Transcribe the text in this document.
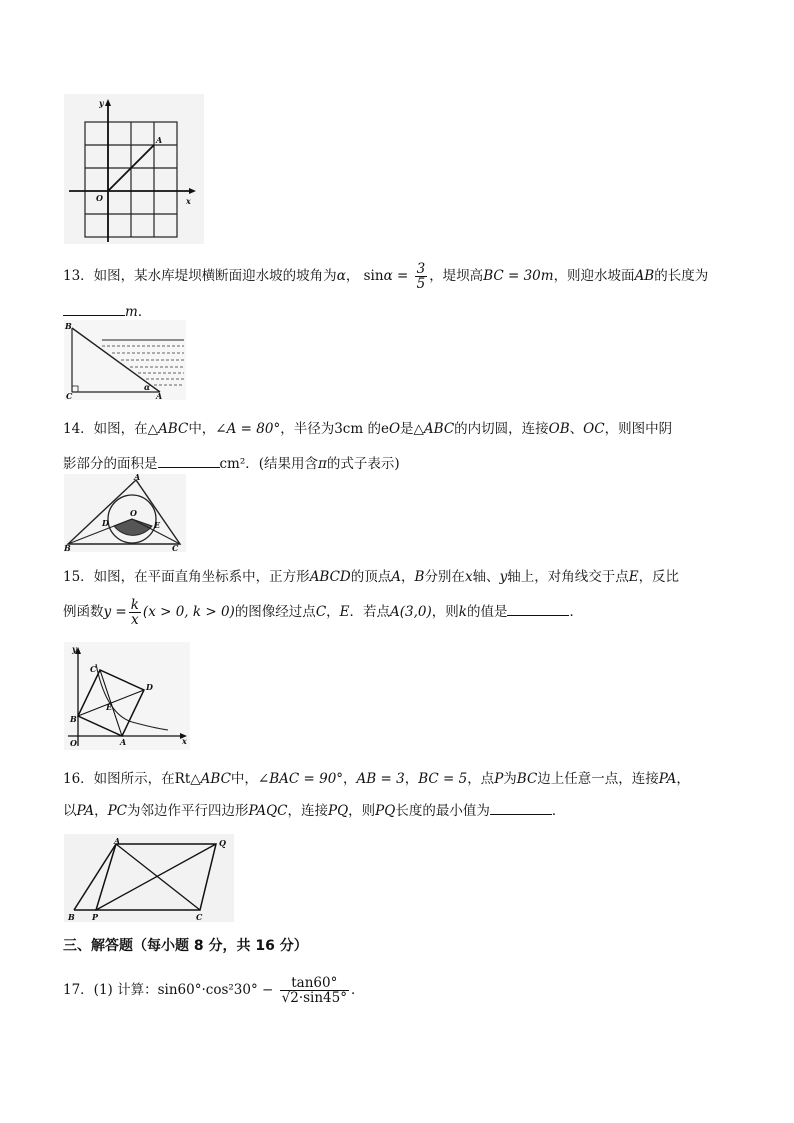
y
x
O
A
13．如图，某水库堤坝横断面迎水坡的坡角为α， $\sin\alpha = \frac{3}{5}$ ，堤坝高BC = 30m，则迎水坡面AB的长度为
m．
B
C	A
α
14．如图，在△ABC中，∠A = 80°，半径为3cm 的eO是△ABC的内切圆，连接OB、OC，则图中阴
影部分的面积是	cm²．(结果用含π的式子表示)
A
O
D	E
B	C
15．如图，在平面直角坐标系中，正方形ABCD的顶点A，B分别在x轴、y轴上，对角线交于点E，反比
例函数$y = \frac{k}{x} (x > 0$, k > 0)的图像经过点C，E．若点A(3,0)，则k的值是	．
y
C
D
E
B
O	A	x
16．如图所示，在Rt△ABC中，∠BAC = 90°，AB = 3，BC = 5，点P为BC边上任意一点，连接PA，
以PA，PC为邻边作平行四边形PAQC，连接PQ，则PQ长度的最小值为	．
A	Q
B P	C
三、解答题（每小题 8 分，共 16 分）
17．(1) 计算：$\sin 60^\circ\cdot\cos^230^\circ - \frac{\tan 60^\circ}{√2\cdot\sin 45^\circ}$ ．
